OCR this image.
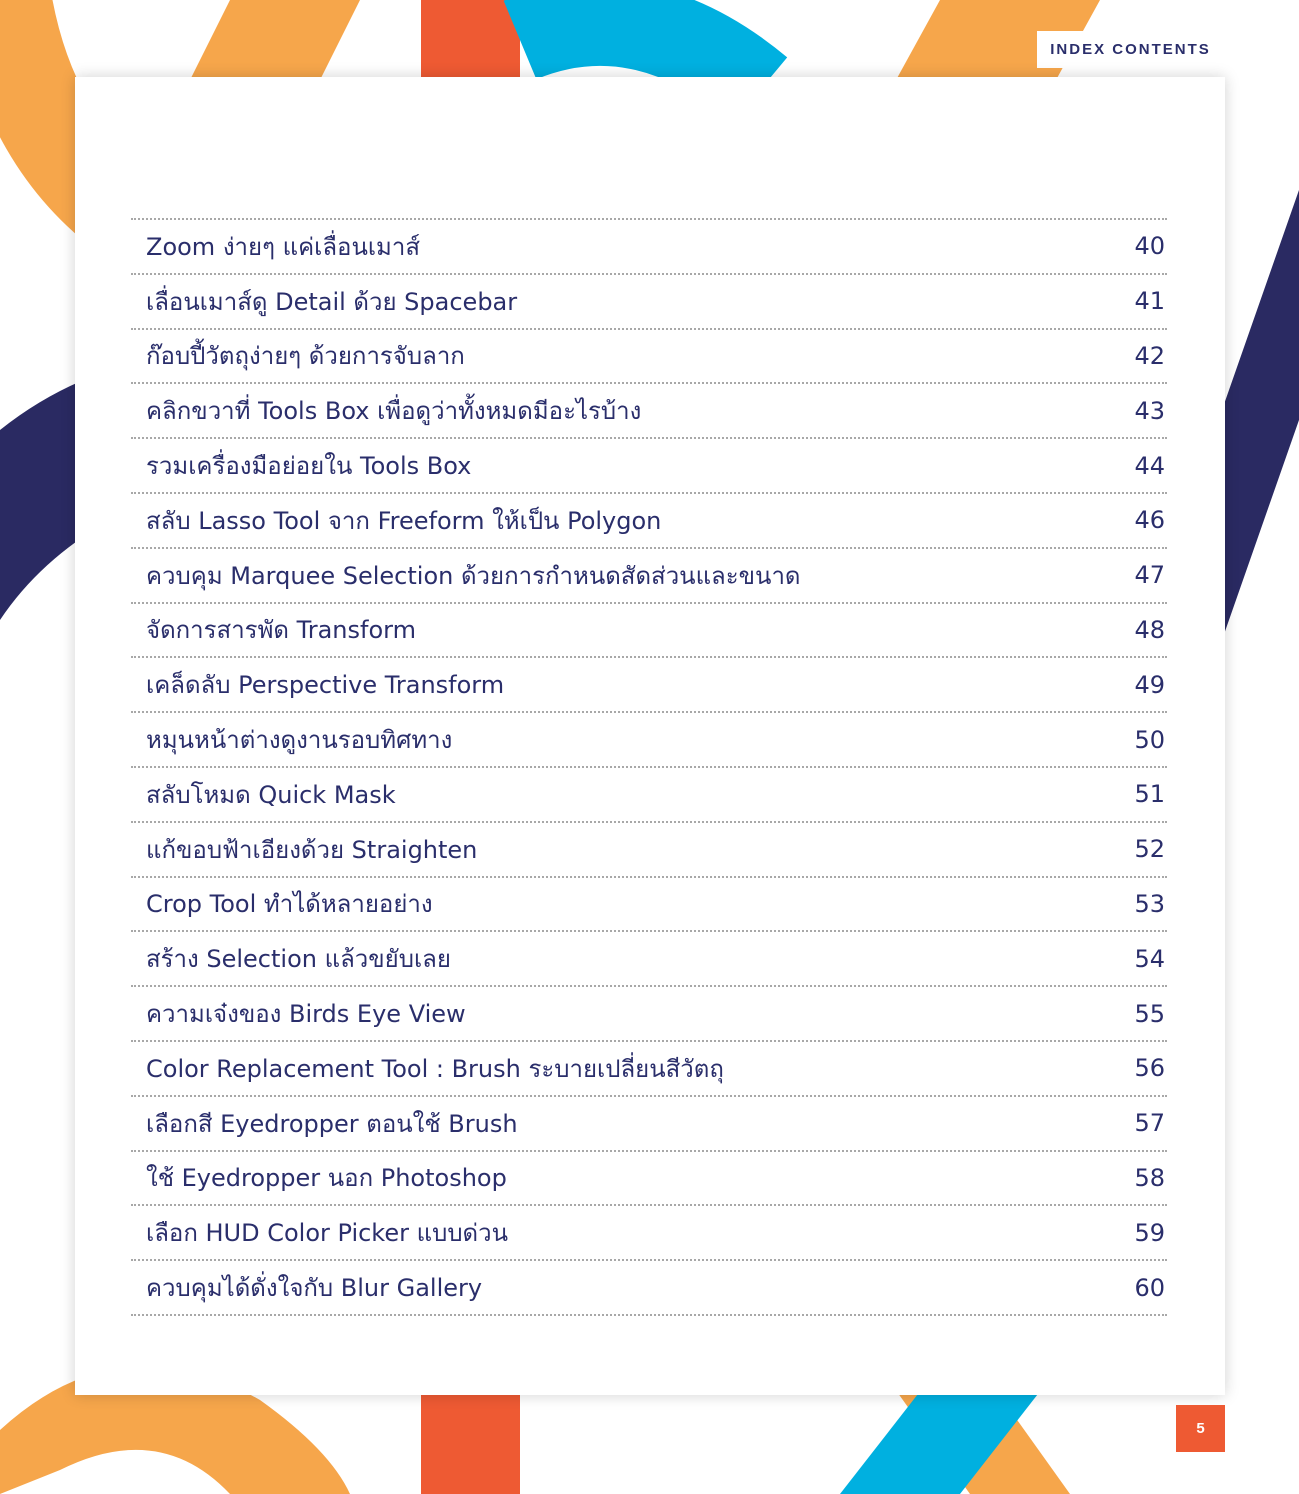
INDEX CONTENTS
Zoom ง่ายๆ แค่เลื่อนเมาส์	40
เลื่อนเมาส์ดู Detail ด้วย Spacebar	41
ก๊อบปี้วัตถุง่ายๆ ด้วยการจับลาก	42
คลิกขวาที่ Tools Box เพื่อดูว่าทั้งหมดมีอะไรบ้าง	43
รวมเครื่องมือย่อยใน Tools Box	44
สลับ Lasso Tool จาก Freeform ให้เป็น Polygon	46
ควบคุม Marquee Selection ด้วยการกำหนดสัดส่วนและขนาด	47
จัดการสารพัด Transform	48
เคล็ดลับ Perspective Transform	49
หมุนหน้าต่างดูงานรอบทิศทาง	50
สลับโหมด Quick Mask	51
แก้ขอบฟ้าเอียงด้วย Straighten	52
Crop Tool ทำได้หลายอย่าง	53
สร้าง Selection แล้วขยับเลย	54
ความเจ๋งของ Birds Eye View	55
Color Replacement Tool : Brush ระบายเปลี่ยนสีวัตถุ	56
เลือกสี Eyedropper ตอนใช้ Brush	57
ใช้ Eyedropper นอก Photoshop	58
เลือก HUD Color Picker แบบด่วน	59
ควบคุมได้ดั่งใจกับ Blur Gallery	60
5
